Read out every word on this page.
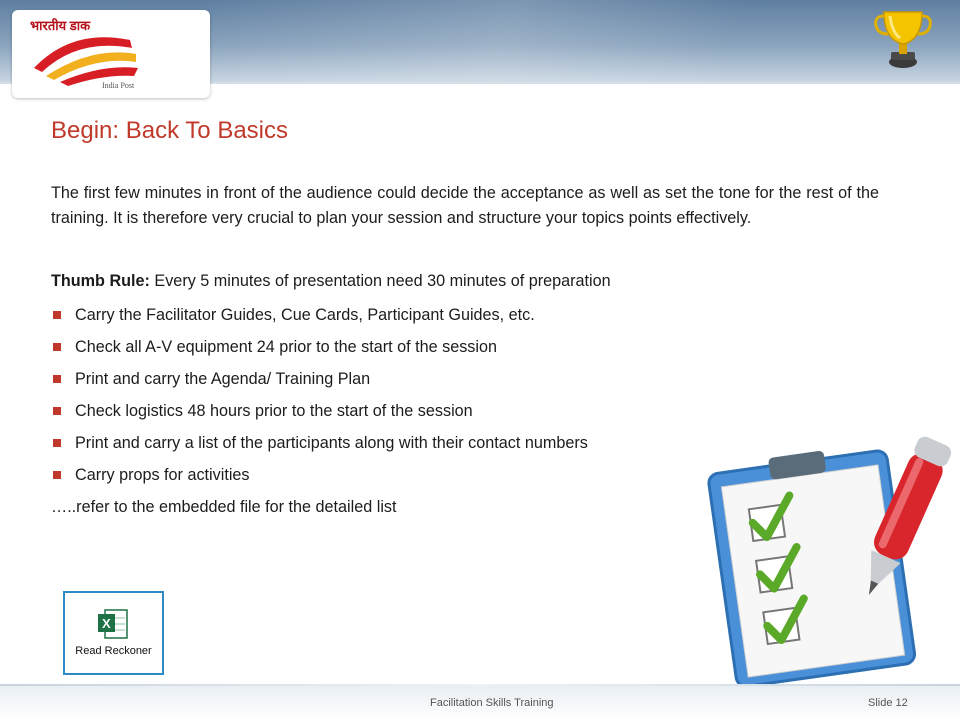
भारतीय डाक
India Post
Begin: Back To Basics
The first few minutes in front of the audience could decide the acceptance as well as set the tone for the rest of the training. It is therefore very crucial to plan your session and structure your topics points effectively.
Thumb Rule: Every 5 minutes of presentation need 30 minutes of preparation
Carry the Facilitator Guides, Cue Cards, Participant Guides, etc.
Check all A-V equipment 24 prior to the start of the session
Print and carry the Agenda/ Training Plan
Check logistics 48 hours prior to the start of the session
Print and carry a list of the participants along with their contact numbers
Carry props for activities
…..refer to the embedded file for the detailed list
X
Read Reckoner
Facilitation Skills Training	Slide 12
